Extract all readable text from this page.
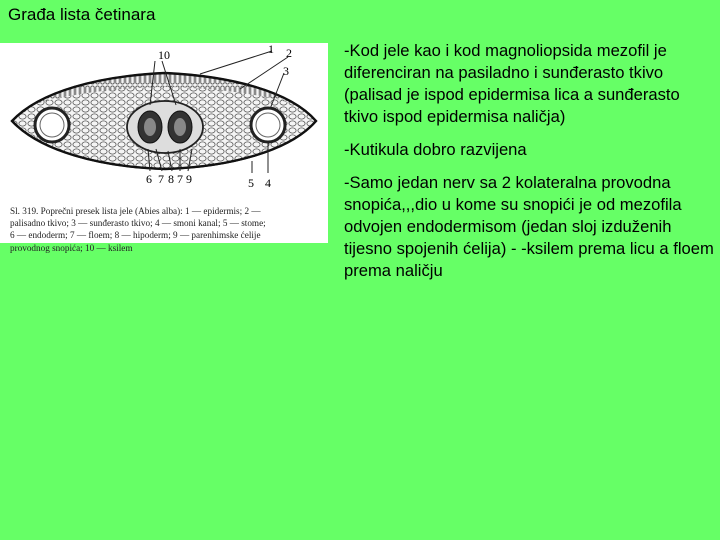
Građa lista četinara
10	1 2
3
6 7 8 7 9	5 4
Sl. 319. Poprečni presek lista jele (Abies alba): 1 — epidermis; 2 —
palisadno tkivo; 3 — sunđerasto tkivo; 4 — smoni kanal; 5 — stome;
6 — endoderm; 7 — floem; 8 — hipoderm; 9 — parenhimske ćelije
provodnog snopića; 10 — ksilem

-Kod jele kao i kod magnoliopsida mezofil je diferenciran na pasiladno i sunđerasto tkivo (palisad je ispod epidermisa lica a sunđerasto tkivo ispod epidermisa naličja)

-Kutikula dobro razvijena

-Samo jedan nerv sa 2 kolateralna provodna snopića,,,dio u kome su snopići je od mezofila odvojen endodermisom (jedan sloj izduženih tijesno spojenih ćelija) - -ksilem prema licu a floem prema naličju
